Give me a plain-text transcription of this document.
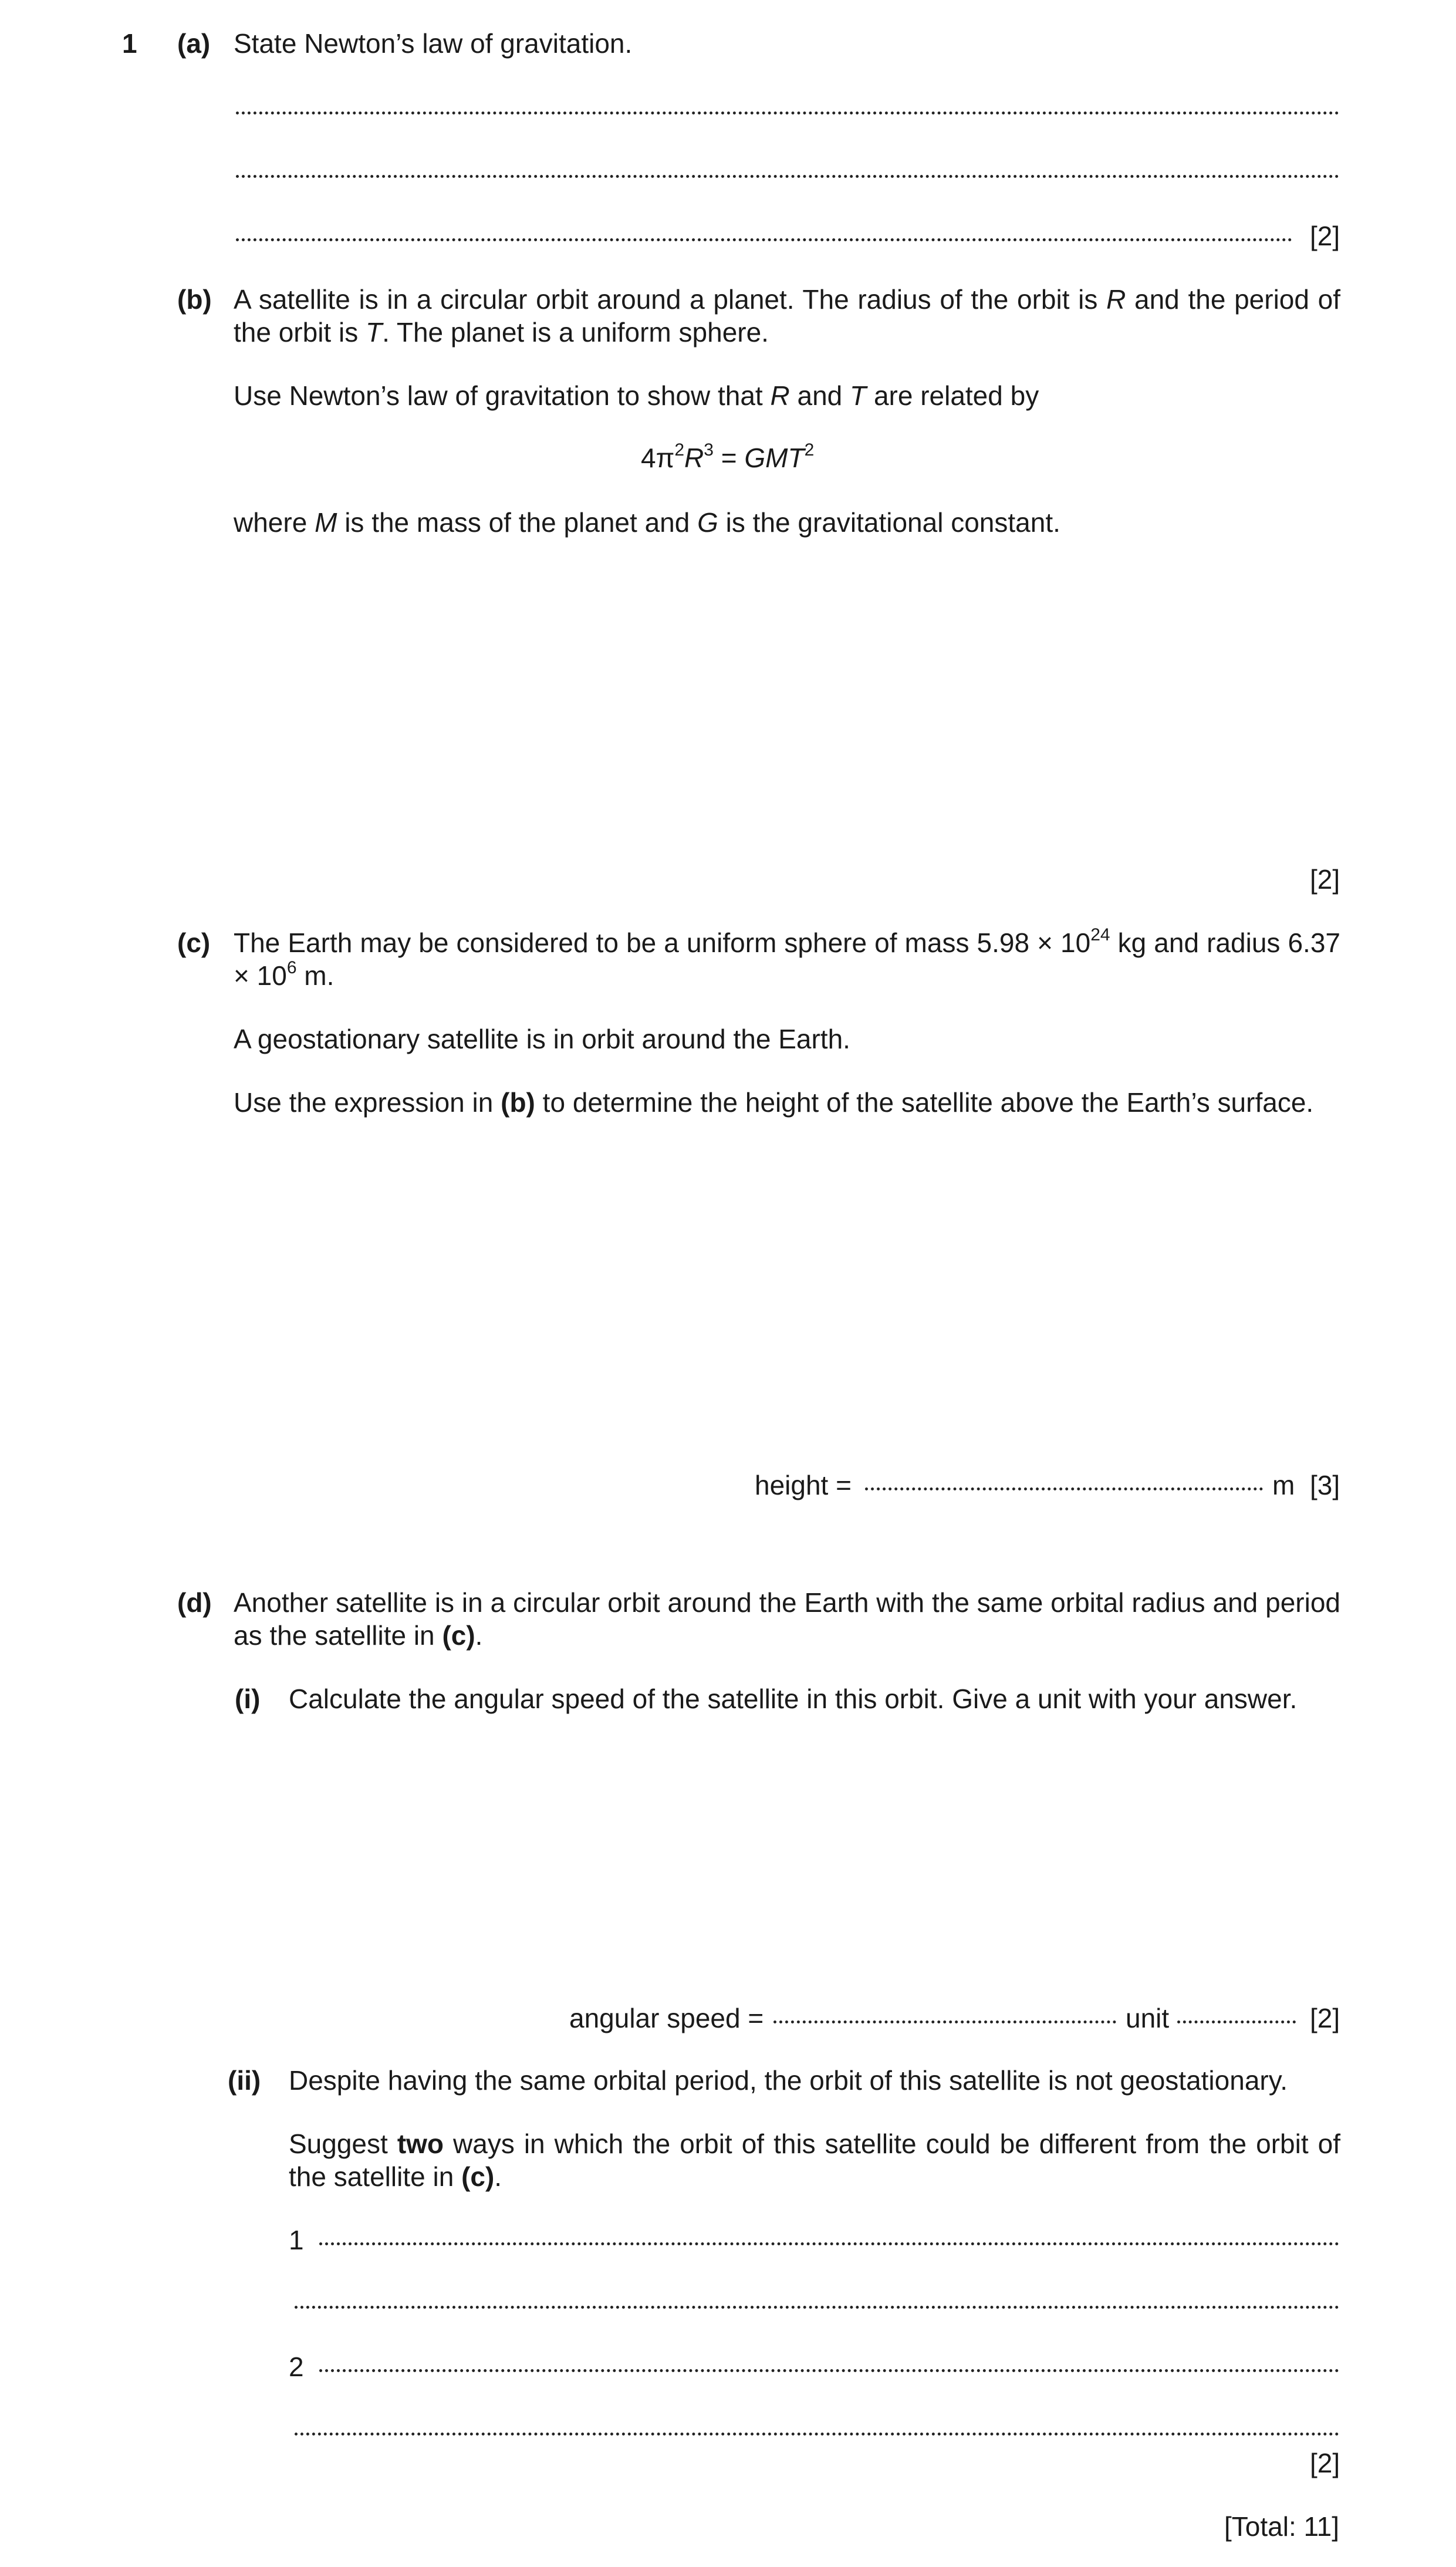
1 (a) State Newton’s law of gravitation.
[2]
(b) A satellite is in a circular orbit around a planet. The radius of the orbit is R and the period of the orbit is T. The planet is a uniform sphere.
Use Newton’s law of gravitation to show that R and T are related by
$4\pi^2R^3 = GMT^2$
where M is the mass of the planet and G is the gravitational constant.
[2]
(c) The Earth may be considered to be a uniform sphere of mass $5.98 \times 10^{24}$ kg and radius $6.37 \times 10^6$ m.
A geostationary satellite is in orbit around the Earth.
Use the expression in (b) to determine the height of the satellite above the Earth’s surface.
height =	m [3]
(d) Another satellite is in a circular orbit around the Earth with the same orbital radius and period as the satellite in (c).
(i) Calculate the angular speed of the satellite in this orbit. Give a unit with your answer.
angular speed =	unit	[2]
(ii) Despite having the same orbital period, the orbit of this satellite is not geostationary.
Suggest two ways in which the orbit of this satellite could be different from the orbit of the satellite in (c).
1
2
[2]
[Total: 11]
